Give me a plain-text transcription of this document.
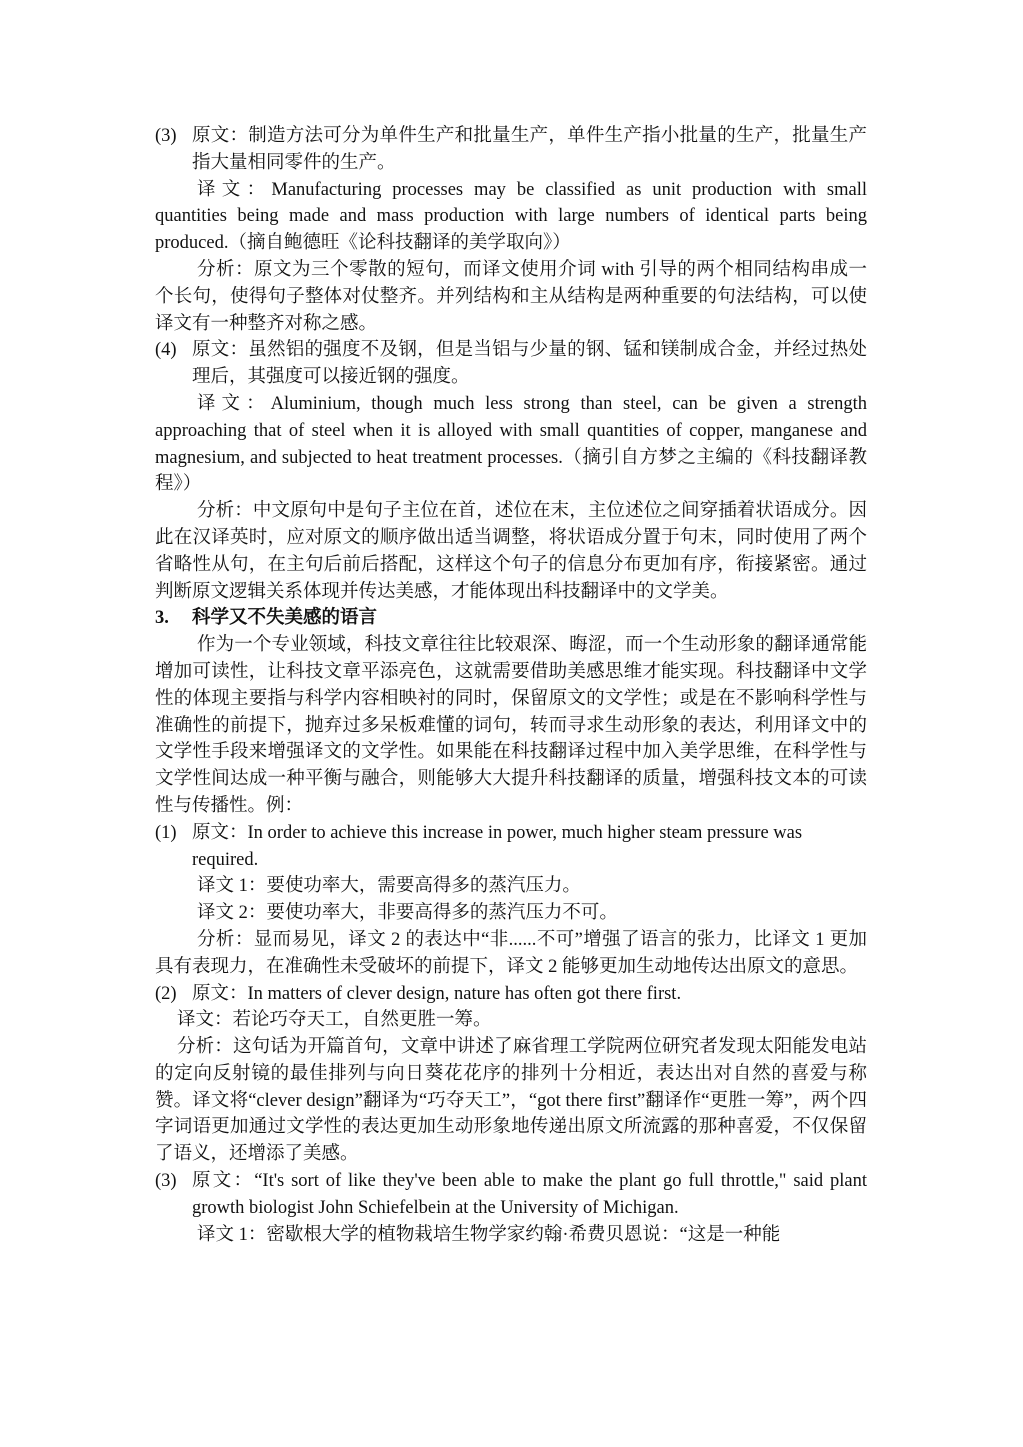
(3) 原文：制造方法可分为单件生产和批量生产，单件生产指小批量的生产，批量生产指大量相同零件的生产。

译文：Manufacturing processes may be classified as unit production with small quantities being made and mass production with large numbers of identical parts being produced.（摘自鲍德旺《论科技翻译的美学取向》）

分析：原文为三个零散的短句，而译文使用介词 with 引导的两个相同结构串成一个长句，使得句子整体对仗整齐。并列结构和主从结构是两种重要的句法结构，可以使译文有一种整齐对称之感。

(4) 原文：虽然铝的强度不及钢，但是当铝与少量的钢、锰和镁制成合金，并经过热处理后，其强度可以接近钢的强度。

译文：Aluminium, though much less strong than steel, can be given a strength approaching that of steel when it is alloyed with small quantities of copper, manganese and magnesium, and subjected to heat treatment processes.（摘引自方梦之主编的《科技翻译教程》）

分析：中文原句中是句子主位在首，述位在末，主位述位之间穿插着状语成分。因此在汉译英时，应对原文的顺序做出适当调整，将状语成分置于句末，同时使用了两个省略性从句，在主句后前后搭配，这样这个句子的信息分布更加有序，衔接紧密。通过判断原文逻辑关系体现并传达美感，才能体现出科技翻译中的文学美。

3.	科学又不失美感的语言

作为一个专业领域，科技文章往往比较艰深、晦涩，而一个生动形象的翻译通常能增加可读性，让科技文章平添亮色，这就需要借助美感思维才能实现。科技翻译中文学性的体现主要指与科学内容相映衬的同时，保留原文的文学性；或是在不影响科学性与准确性的前提下，抛弃过多呆板难懂的词句，转而寻求生动形象的表达，利用译文中的文学性手段来增强译文的文学性。如果能在科技翻译过程中加入美学思维，在科学性与文学性间达成一种平衡与融合，则能够大大提升科技翻译的质量，增强科技文本的可读性与传播性。例：

(1) 原文：In order to achieve this increase in power, much higher steam pressure was required.

译文 1：要使功率大，需要高得多的蒸汽压力。

译文 2：要使功率大，非要高得多的蒸汽压力不可。

分析：显而易见，译文 2 的表达中“非......不可”增强了语言的张力，比译文 1 更加具有表现力，在准确性未受破坏的前提下，译文 2 能够更加生动地传达出原文的意思。

(2) 原文：In matters of clever design, nature has often got there first.

译文：若论巧夺天工，自然更胜一筹。

分析：这句话为开篇首句，文章中讲述了麻省理工学院两位研究者发现太阳能发电站的定向反射镜的最佳排列与向日葵花花序的排列十分相近，表达出对自然的喜爱与称赞。译文将“clever design”翻译为“巧夺天工”，“got there first”翻译作“更胜一筹”，两个四字词语更加通过文学性的表达更加生动形象地传递出原文所流露的那种喜爱，不仅保留了语义，还增添了美感。

(3) 原文：“It's sort of like they've been able to make the plant go full throttle," said plant growth biologist John Schiefelbein at the University of Michigan.

译文 1：密歇根大学的植物栽培生物学家约翰·希费贝恩说：“这是一种能
